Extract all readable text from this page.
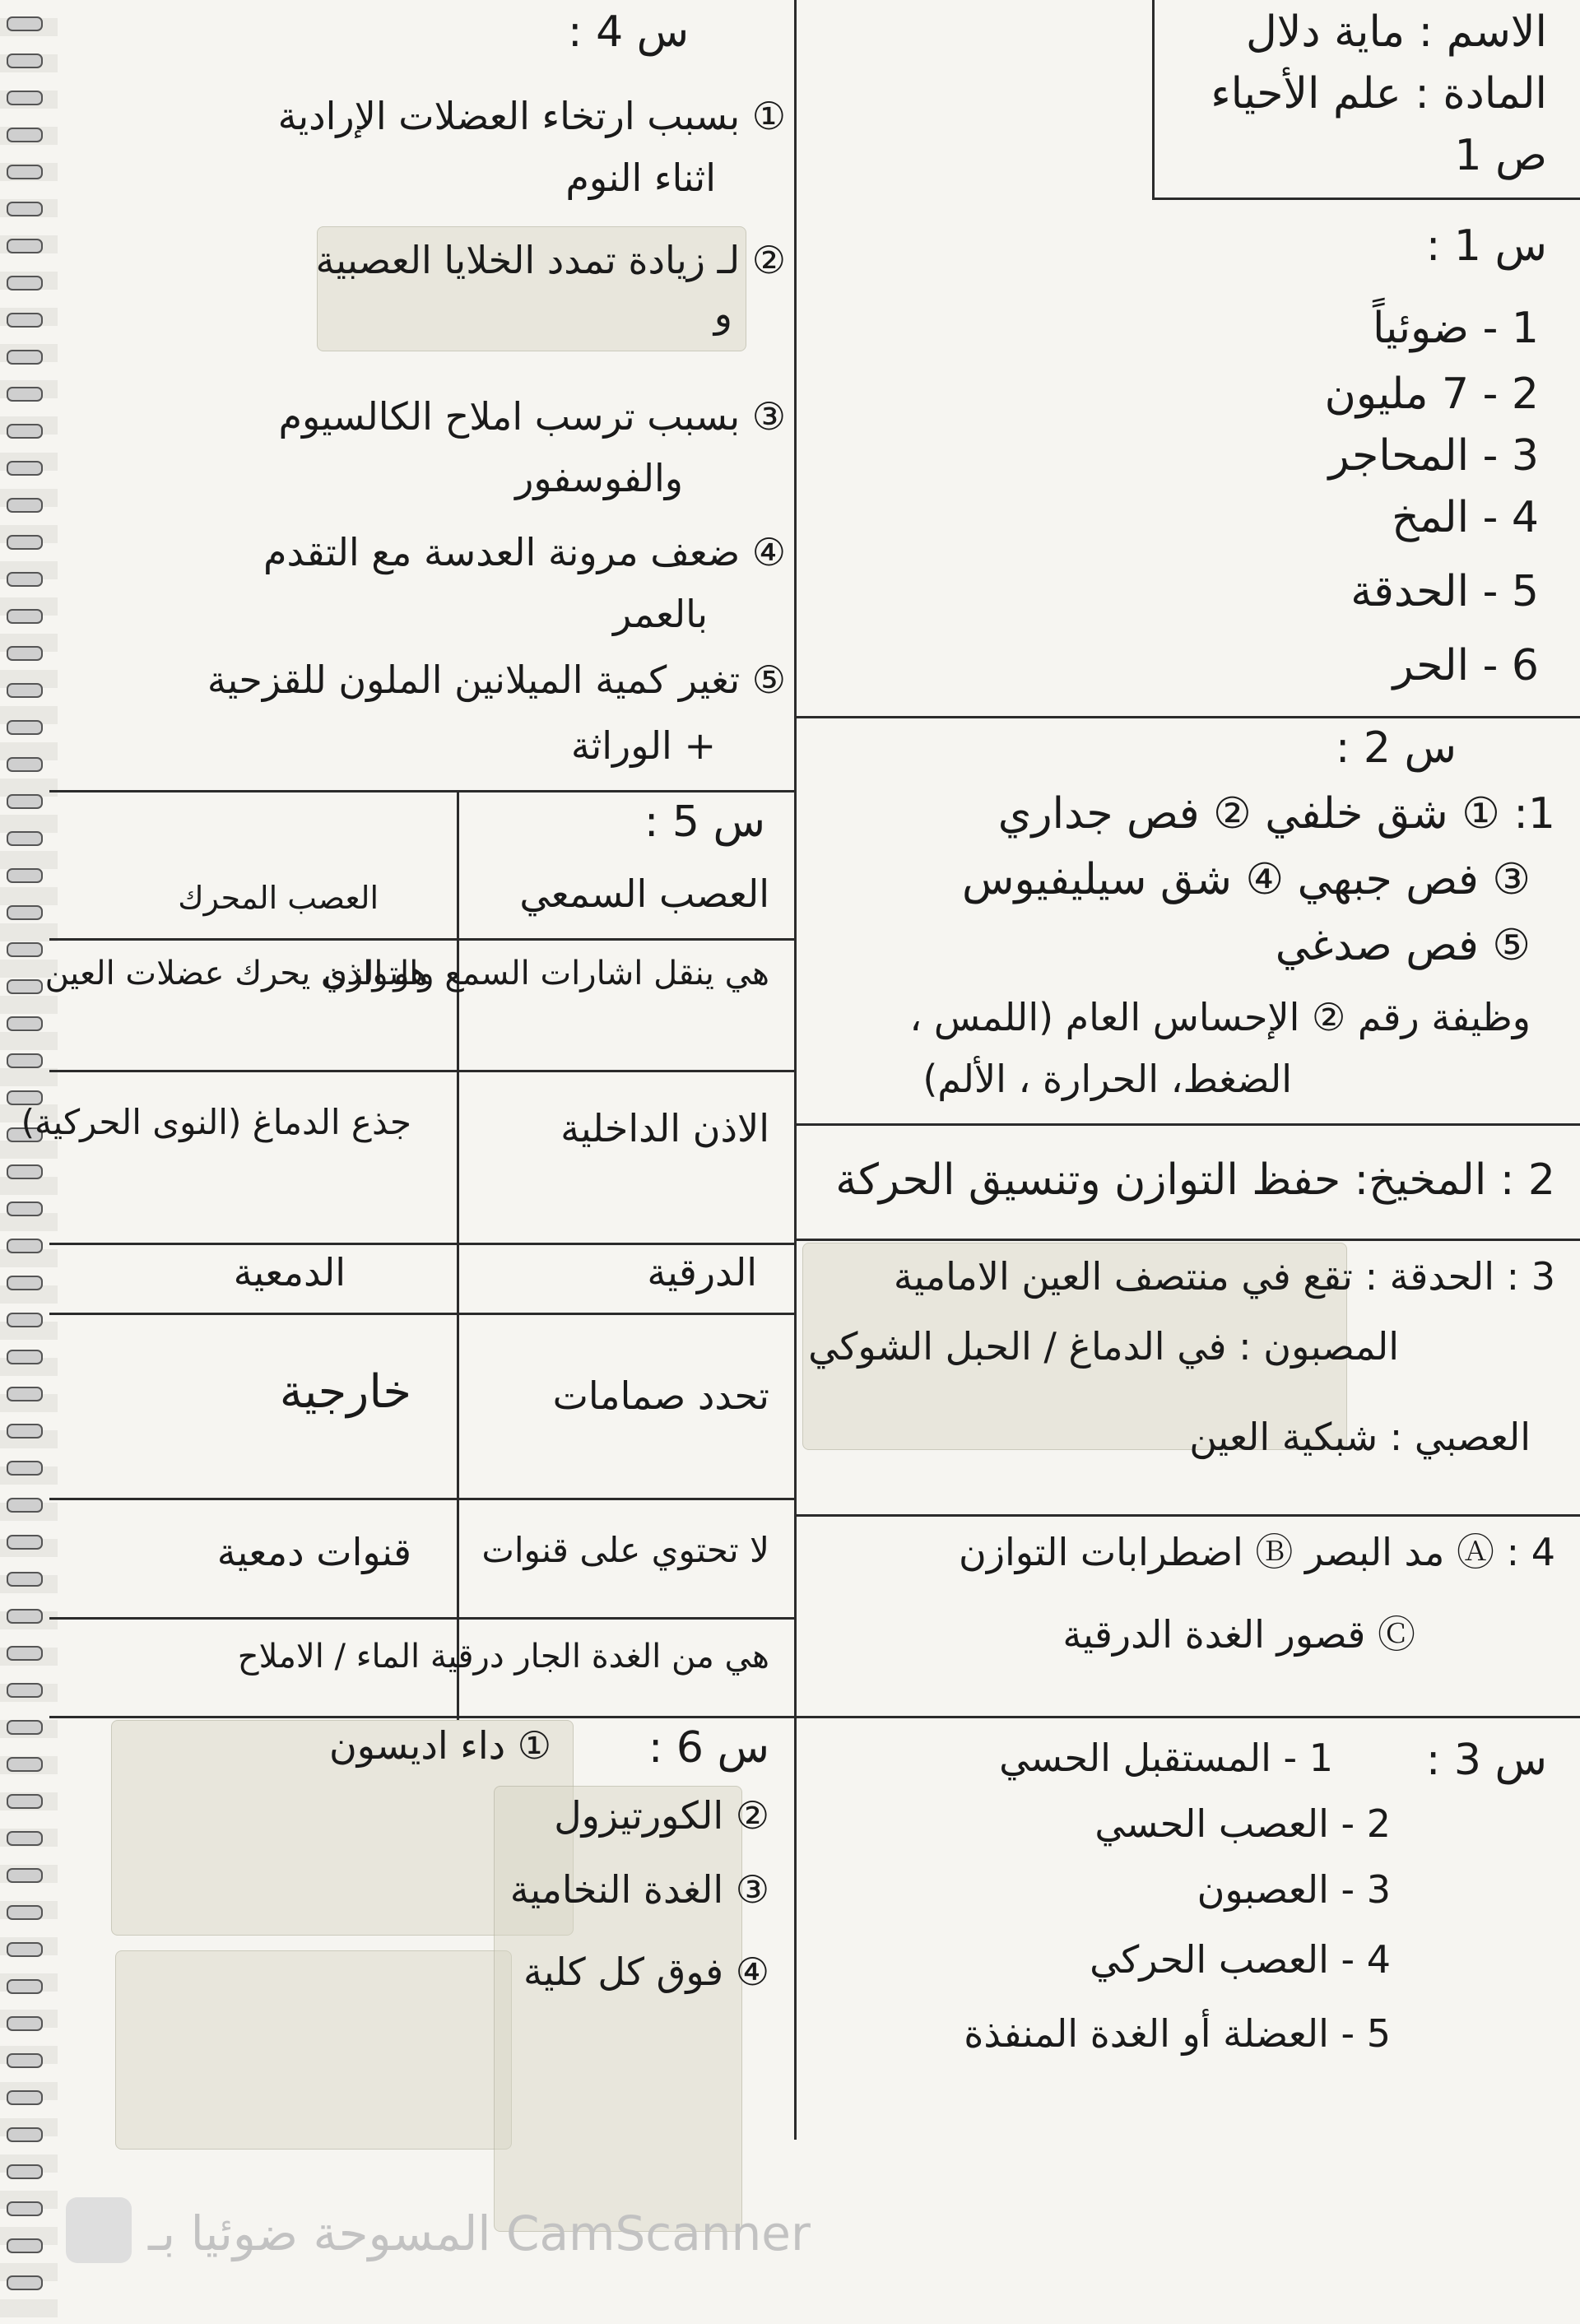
الاسم : ماية دلال
المادة : علم الأحياء
ص 1
س 1 :
1 - ضوئياً
2 - 7 مليون
3 - المحاجر
4 - المخ
5 - الحدقة
6 - الحر
س 2 :
1: ① شق خلفي ② فص جداري
③ فص جبهي ④ شق سيليفيوس
⑤ فص صدغي
وظيفة رقم ② الإحساس العام (اللمس ،
الضغط، الحرارة ، الألم)
2 : المخيخ: حفظ التوازن وتنسيق الحركة
3 : الحدقة : تقع في منتصف العين الامامية
المصبون : في الدماغ / الحبل الشوكي
العصبي : شبكية العين
4 : Ⓐ مد البصر Ⓑ اضطرابات التوازن
Ⓒ قصور الغدة الدرقية
س 3 :
1 - المستقبل الحسي
2 - العصب الحسي
3 - العصبون
4 - العصب الحركي
5 - العضلة أو الغدة المنفذة
س 4 :
① بسبب ارتخاء العضلات الإرادية
اثناء النوم
② لـ زيادة تمدد الخلايا العصبية
و
③ بسبب ترسب املاح الكالسيوم
والفوسفور
④ ضعف مرونة العدسة مع التقدم
بالعمر
⑤ تغير كمية الميلانين الملون للقزحية
+ الوراثة
س 5 :
العصب السمعي
العصب المحرك
هي ينقل اشارات السمع والتوازن
هو الذي يحرك عضلات العين
الاذن الداخلية
جذع الدماغ (النوى الحركية)
الدرقية
الدمعية
تحدد صمامات
خارجية
لا تحتوي على قنوات
قنوات دمعية
هي من الغدة الجار درقية الماء / الاملاح
س 6 :
① داء اديسون
② الكورتيزول
③ الغدة النخامية
④ فوق كل كلية
المسوحة ضوئيا بـ CamScanner
